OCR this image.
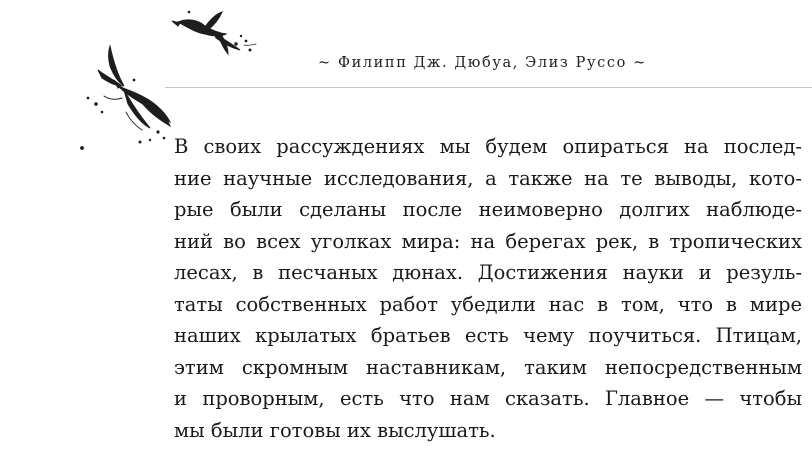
~ Филипп Дж. Дюбуа, Элиз Руссо ~
В своих рассуждениях мы будем опираться на послед-
ние научные исследования, а также на те выводы, кото-
рые были сделаны после неимоверно долгих наблюде-
ний во всех уголках мира: на берегах рек, в тропических
лесах, в песчаных дюнах. Достижения науки и резуль-
таты собственных работ убедили нас в том, что в мире
наших крылатых братьев есть чему поучиться. Птицам,
этим скромным наставникам, таким непосредственным
и проворным, есть что нам сказать. Главное — чтобы
мы были готовы их выслушать.
